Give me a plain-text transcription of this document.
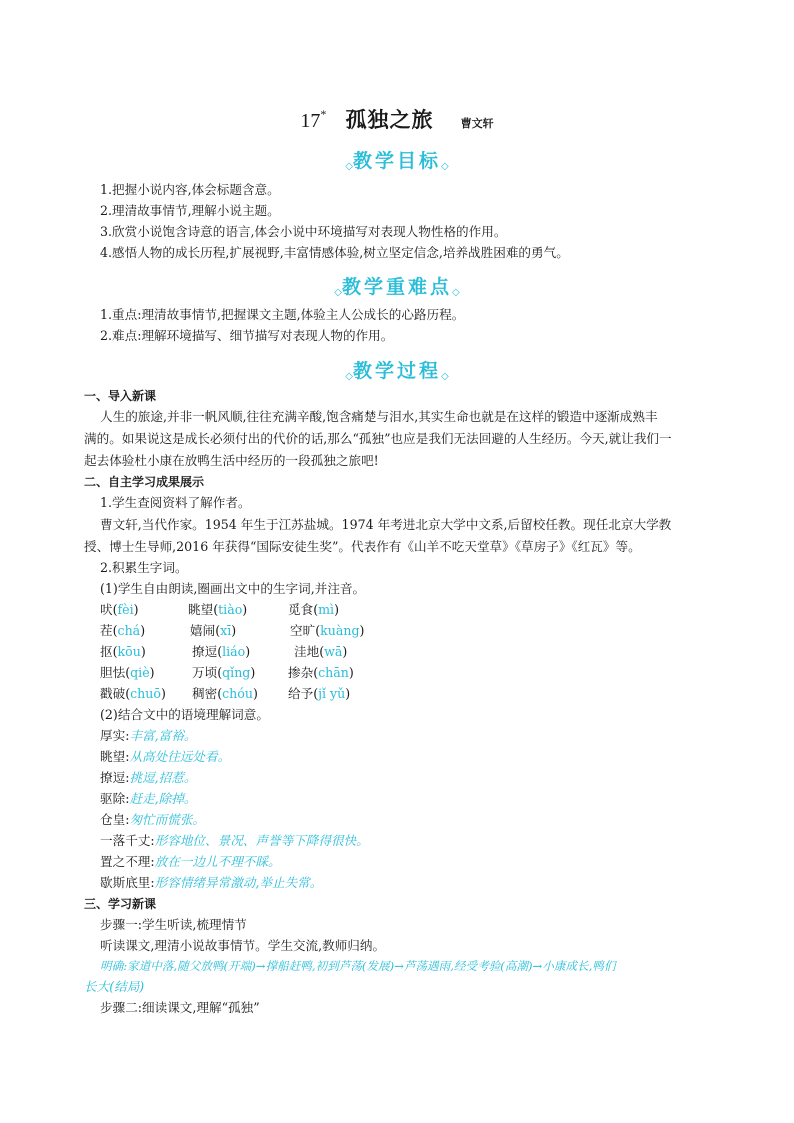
17* 孤独之旅 曹文轩
◇教学目标◇
1.把握小说内容,体会标题含意。
2.理清故事情节,理解小说主题。
3.欣赏小说饱含诗意的语言,体会小说中环境描写对表现人物性格的作用。
4.感悟人物的成长历程,扩展视野,丰富情感体验,树立坚定信念,培养战胜困难的勇气。
◇教学重难点◇
1.重点:理清故事情节,把握课文主题,体验主人公成长的心路历程。
2.难点:理解环境描写、细节描写对表现人物的作用。
◇教学过程◇
一、导入新课
人生的旅途,并非一帆风顺,往往充满辛酸,饱含痛楚与泪水,其实生命也就是在这样的锻造中逐渐成熟丰
满的。如果说这是成长必须付出的代价的话,那么“孤独”也应是我们无法回避的人生经历。今天,就让我们一
起去体验杜小康在放鸭生活中经历的一段孤独之旅吧!
二、自主学习成果展示
1.学生查阅资料了解作者。
曹文轩,当代作家。1954 年生于江苏盐城。1974 年考进北京大学中文系,后留校任教。现任北京大学教
授、博士生导师,2016 年获得“国际安徒生奖”。代表作有《山羊不吃天堂草》《草房子》《红瓦》等。
2.积累生字词。
(1)学生自由朗读,圈画出文中的生字词,并注音。
吠(fèi)	眺望(tiào)	觅食(mì)
茬(chá)	嬉闹(xī)	空旷(kuàng)
抠(kōu)	撩逗(liáo)	洼地(wā)
胆怯(qiè)	万顷(qǐng)	掺杂(chān)
戳破(chuō) 稠密(chóu) 给予(jǐ yǔ)
(2)结合文中的语境理解词意。
厚实:丰富,富裕。
眺望:从高处往远处看。
撩逗:挑逗,招惹。
驱除:赶走,除掉。
仓皇:匆忙而慌张。
一落千丈:形容地位、景况、声誉等下降得很快。
置之不理:放在一边儿不理不睬。
歇斯底里:形容情绪异常激动,举止失常。
三、学习新课
步骤一:学生听读,梳理情节
听读课文,理清小说故事情节。学生交流,教师归纳。
明确:家道中落,随父放鸭(开端)→撑船赶鸭,初到芦荡(发展)→芦荡遇雨,经受考验(高潮)→小康成长,鸭们
长大(结局)
步骤二:细读课文,理解“孤独”
